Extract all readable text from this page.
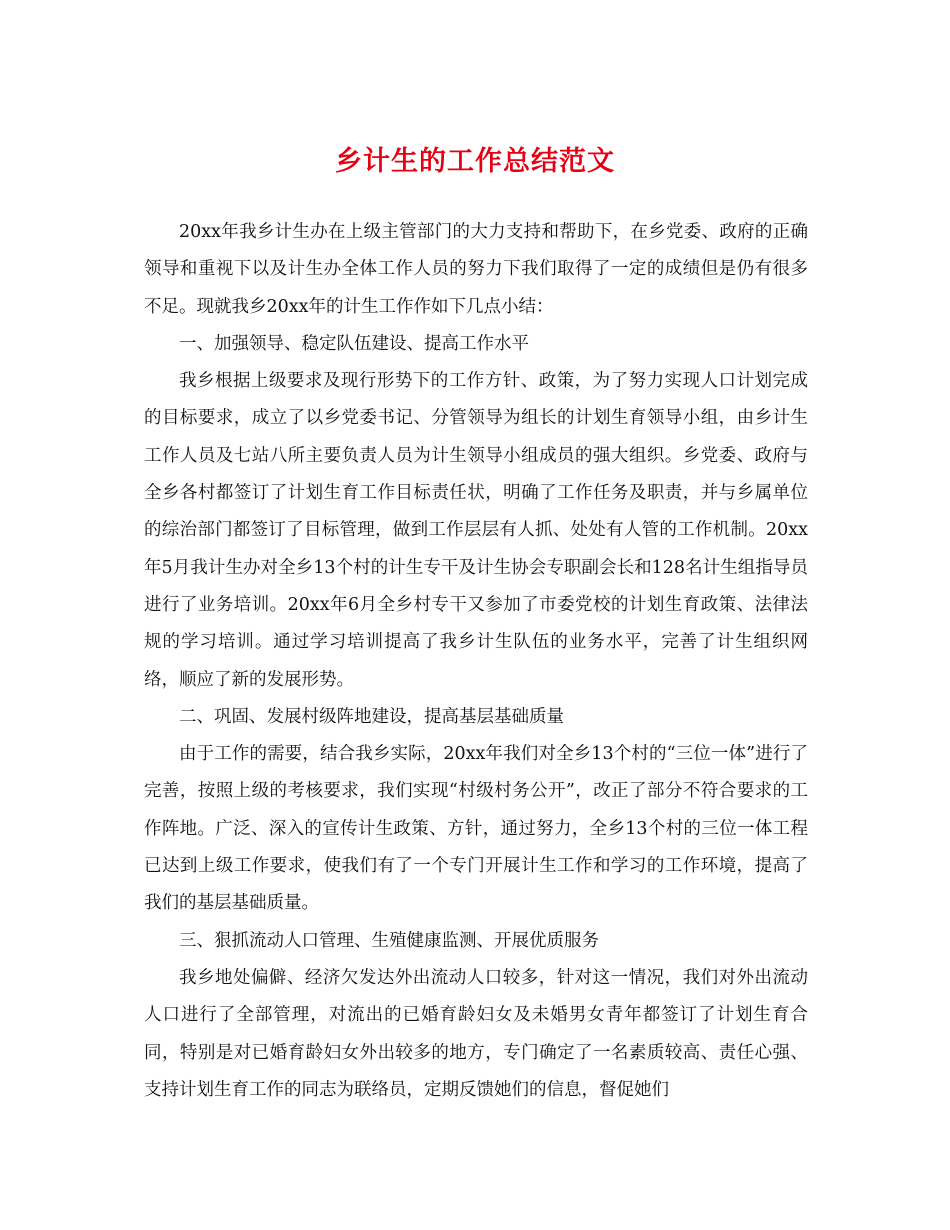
乡计生的工作总结范文

20xx年我乡计生办在上级主管部门的大力支持和帮助下，在乡党委、政府的正确领导和重视下以及计生办全体工作人员的努力下我们取得了一定的成绩但是仍有很多不足。现就我乡20xx年的计生工作作如下几点小结：

一、加强领导、稳定队伍建设、提高工作水平

我乡根据上级要求及现行形势下的工作方针、政策，为了努力实现人口计划完成的目标要求，成立了以乡党委书记、分管领导为组长的计划生育领导小组，由乡计生工作人员及七站八所主要负责人员为计生领导小组成员的强大组织。乡党委、政府与全乡各村都签订了计划生育工作目标责任状，明确了工作任务及职责，并与乡属单位的综治部门都签订了目标管理，做到工作层层有人抓、处处有人管的工作机制。20xx年5月我计生办对全乡13个村的计生专干及计生协会专职副会长和128名计生组指导员进行了业务培训。20xx年6月全乡村专干又参加了市委党校的计划生育政策、法律法规的学习培训。通过学习培训提高了我乡计生队伍的业务水平，完善了计生组织网络，顺应了新的发展形势。

二、巩固、发展村级阵地建设，提高基层基础质量

由于工作的需要，结合我乡实际，20xx年我们对全乡13个村的“三位一体”进行了完善，按照上级的考核要求，我们实现“村级村务公开”，改正了部分不符合要求的工作阵地。广泛、深入的宣传计生政策、方针，通过努力，全乡13个村的三位一体工程已达到上级工作要求，使我们有了一个专门开展计生工作和学习的工作环境，提高了我们的基层基础质量。

三、狠抓流动人口管理、生殖健康监测、开展优质服务

我乡地处偏僻、经济欠发达外出流动人口较多，针对这一情况，我们对外出流动人口进行了全部管理，对流出的已婚育龄妇女及未婚男女青年都签订了计划生育合同，特别是对已婚育龄妇女外出较多的地方，专门确定了一名素质较高、责任心强、支持计划生育工作的同志为联络员，定期反馈她们的信息，督促她们
